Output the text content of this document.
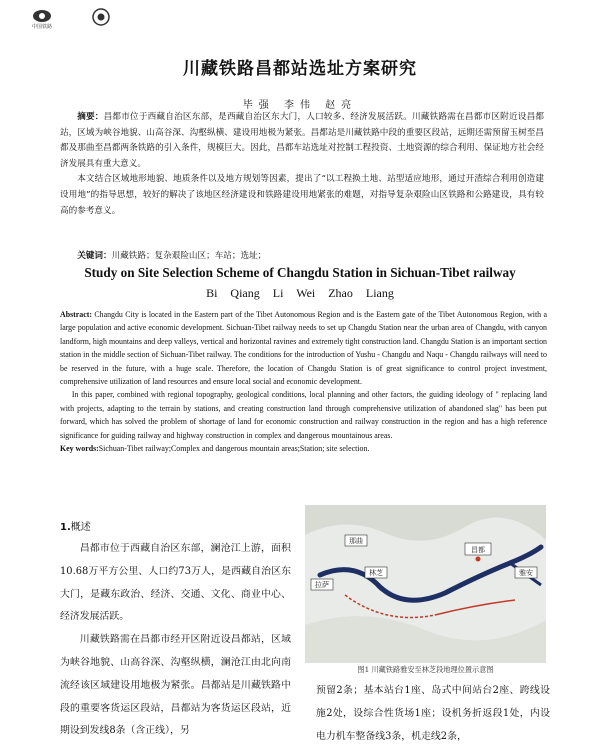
中国铁路
川藏铁路昌都站选址方案研究
毕强 李伟 赵亮

摘要：昌都市位于西藏自治区东部，是西藏自治区东大门，人口较多、经济发展活跃。川藏铁路需在昌都市区附近设昌都站，区域为峡谷地貌、山高谷深、沟壑纵横、建设用地极为紧张。昌都站是川藏铁路中段的重要区段站，远期还需预留玉树至昌都及那曲至昌都两条铁路的引入条件，规模巨大。因此，昌都车站选址对控制工程投资、土地资源的综合利用、保证地方社会经济发展具有重大意义。

本文结合区域地形地貌、地质条件以及地方规划等因素，提出了“以工程换土地、站型适应地形，通过开渣综合利用创造建设用地”的指导思想，较好的解决了该地区经济建设和铁路建设用地紧张的难题，对指导复杂艰险山区铁路和公路建设，具有较高的参考意义。

关键词：川藏铁路；复杂艰险山区；车站；选址；
Study on Site Selection Scheme of Changdu Station in Sichuan-Tibet railway
Bi Qiang Li Wei Zhao Liang

Abstract: Changdu City is located in the Eastern part of the Tibet Autonomous Region and is the Eastern gate of the Tibet Autonomous Region, with a large population and active economic development. Sichuan-Tibet railway needs to set up Changdu Station near the urban area of Changdu, with canyon landform, high mountains and deep valleys, vertical and horizontal ravines and extremely tight construction land. Changdu Station is an important section station in the middle section of Sichuan-Tibet railway. The conditions for the introduction of Yushu - Changdu and Naqu - Changdu railways will need to be reserved in the future, with a huge scale. Therefore, the location of Changdu Station is of great significance to control project investment, comprehensive utilization of land resources and ensure local social and economic development.

In this paper, combined with regional topography, geological conditions, local planning and other factors, the guiding ideology of " replacing land with projects, adapting to the terrain by stations, and creating construction land through comprehensive utilization of abandoned slag" has been put forward, which has solved the problem of shortage of land for economic construction and railway construction in the region and has a high reference significance for guiding railway and highway construction in complex and dangerous mountainous areas.

Key words:Sichuan-Tibet railway;Complex and dangerous mountain areas;Station; site selection.

1.概述

昌都市位于西藏自治区东部，澜沧江上游，面积10.68万平方公里、人口约73万人，是西藏自治区东大门，是藏东政治、经济、交通、文化、商业中心、经济发展活跃。

川藏铁路需在昌都市经开区附近设昌都站，区域为峡谷地貌、山高谷深、沟壑纵横，澜沧江由北向南流经该区域建设用地极为紧张。昌都站是川藏铁路中段的重要客货运区段站，昌都站为客货运区段站，近期设到发线8条（含正线），另

昌都
林芝
那曲
雅安
拉萨
图1 川藏铁路雅安至林芝段地理位置示意图

预留2条；基本站台1座、岛式中间站台2座、跨线设施2处，设综合性货场1座；设机务折返段1处，内设电力机车整备线3条，机走线2条，
